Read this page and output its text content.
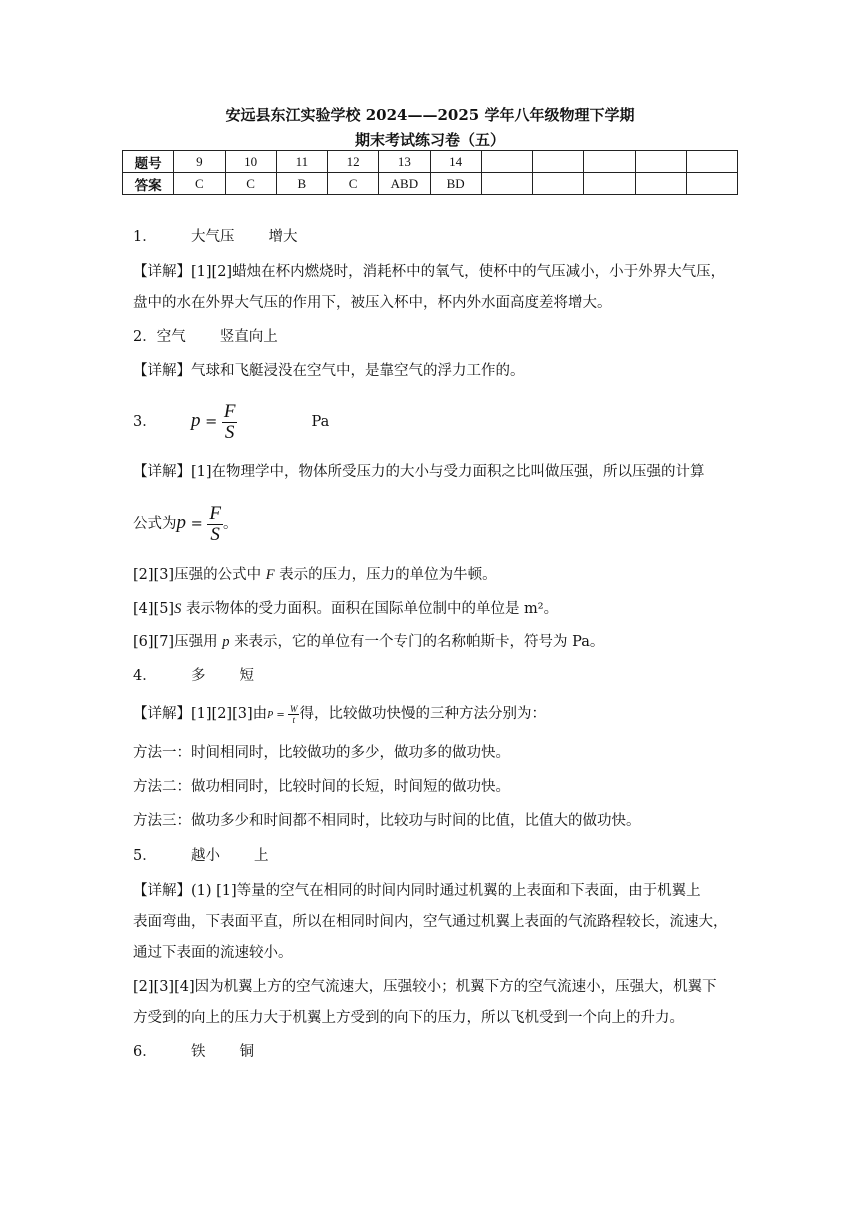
安远县东江实验学校 2024——2025 学年八年级物理下学期
期末考试练习卷（五）
题号	9	10	11	12	13	14					
答案	C	C	B	C	ABD	BD					
1． 大气压 增大
【详解】[1][2]蜡烛在杯内燃烧时，消耗杯中的氧气，使杯中的气压减小，小于外界大气压，
盘中的水在外界大气压的作用下，被压入杯中，杯内外水面高度差将增大。
2．空气 竖直向上
【详解】气球和飞艇浸没在空气中，是靠空气的浮力工作的。
3． $p = \frac{F}{S}$	Pa
【详解】[1]在物理学中，物体所受压力的大小与受力面积之比叫做压强，所以压强的计算
公式为$p = \frac{F}{S}$ 。
[2][3]压强的公式中 F 表示的压力，压力的单位为牛顿。
[4][5]S 表示物体的受力面积。面积在国际单位制中的单位是 m²。
[6][7]压强用 p 来表示，它的单位有一个专门的名称帕斯卡，符号为 Pa。
4． 多 短
【详解】[1][2][3]由$P = \frac{W}{t}$ 得，比较做功快慢的三种方法分别为：
方法一：时间相同时，比较做功的多少，做功多的做功快。
方法二：做功相同时，比较时间的长短，时间短的做功快。
方法三：做功多少和时间都不相同时，比较功与时间的比值，比值大的做功快。
5． 越小 上
【详解】(1) [1]等量的空气在相同的时间内同时通过机翼的上表面和下表面，由于机翼上
表面弯曲，下表面平直，所以在相同时间内，空气通过机翼上表面的气流路程较长，流速大，
通过下表面的流速较小。
[2][3][4]因为机翼上方的空气流速大，压强较小；机翼下方的空气流速小，压强大，机翼下
方受到的向上的压力大于机翼上方受到的向下的压力，所以飞机受到一个向上的升力。
6． 铁 铜
